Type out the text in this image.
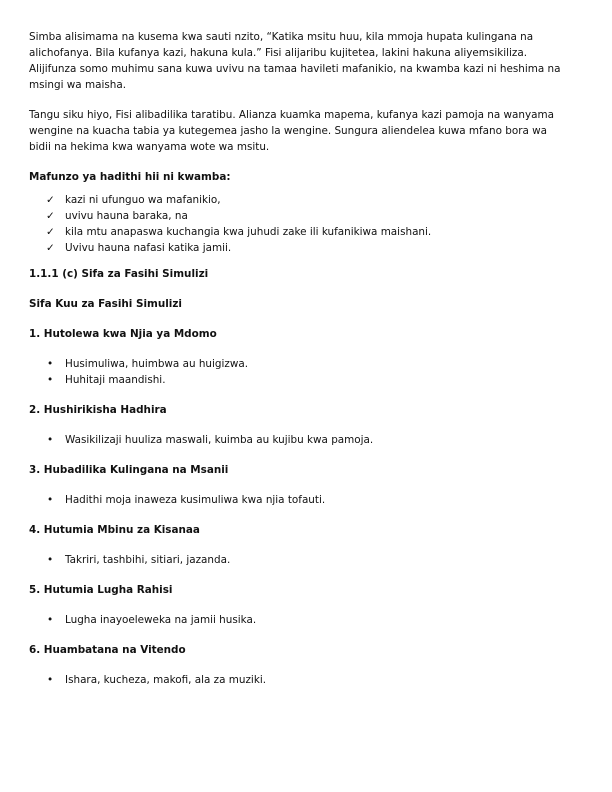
Simba alisimama na kusema kwa sauti nzito, “Katika msitu huu, kila mmoja hupata kulingana na alichofanya. Bila kufanya kazi, hakuna kula.” Fisi alijaribu kujitetea, lakini hakuna aliyemsikiliza. Alijifunza somo muhimu sana kuwa uvivu na tamaa havileti mafanikio, na kwamba kazi ni heshima na msingi wa maisha.

Tangu siku hiyo, Fisi alibadilika taratibu. Alianza kuamka mapema, kufanya kazi pamoja na wanyama wengine na kuacha tabia ya kutegemea jasho la wengine. Sungura aliendelea kuwa mfano bora wa bidii na hekima kwa wanyama wote wa msitu.

Mafunzo ya hadithi hii ni kwamba:

✓ kazi ni ufunguo wa mafanikio,
✓ uvivu hauna baraka, na
✓ kila mtu anapaswa kuchangia kwa juhudi zake ili kufanikiwa maishani.
✓ Uvivu hauna nafasi katika jamii.

1.1.1 (c) Sifa za Fasihi Simulizi

Sifa Kuu za Fasihi Simulizi

1. Hutolewa kwa Njia ya Mdomo

• Husimuliwa, huimbwa au huigizwa.
• Huhitaji maandishi.

2. Hushirikisha Hadhira

• Wasikilizaji huuliza maswali, kuimba au kujibu kwa pamoja.

3. Hubadilika Kulingana na Msanii

• Hadithi moja inaweza kusimuliwa kwa njia tofauti.

4. Hutumia Mbinu za Kisanaa

• Takriri, tashbihi, sitiari, jazanda.

5. Hutumia Lugha Rahisi

• Lugha inayoeleweka na jamii husika.

6. Huambatana na Vitendo

• Ishara, kucheza, makofi, ala za muziki.
